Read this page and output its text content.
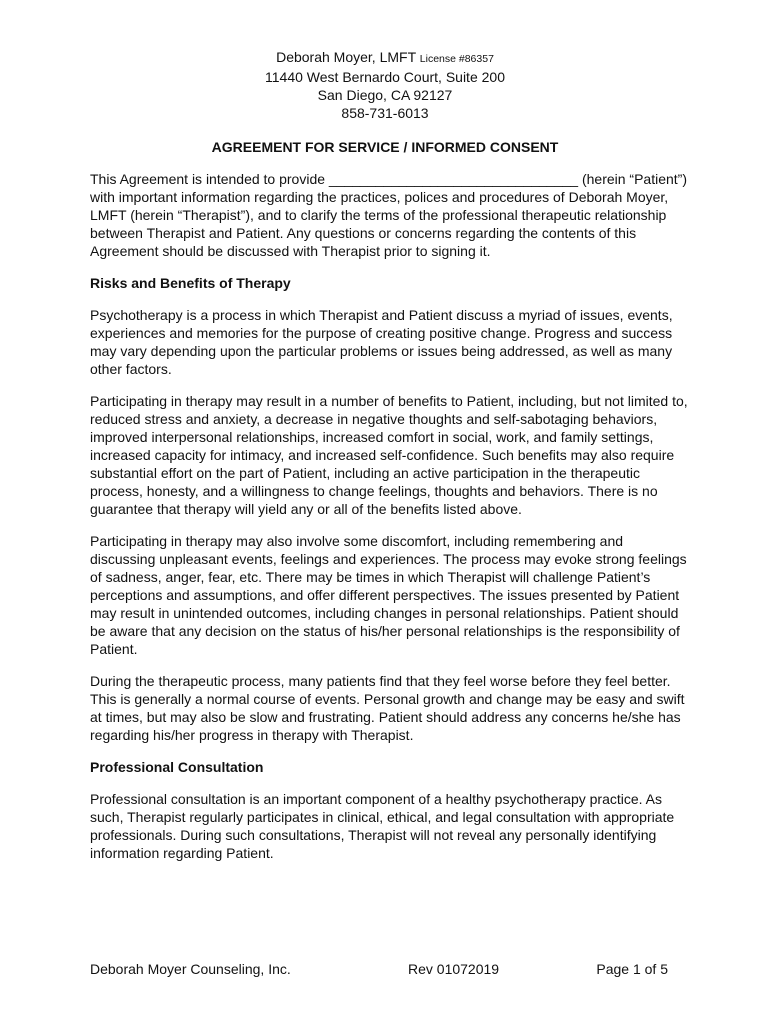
Deborah Moyer, LMFT License #86357
11440 West Bernardo Court, Suite 200
San Diego, CA 92127
858-731-6013
AGREEMENT FOR SERVICE / INFORMED CONSENT

This Agreement is intended to provide ________________________________ (herein “Patient”) with important information regarding the practices, polices and procedures of Deborah Moyer, LMFT (herein “Therapist”), and to clarify the terms of the professional therapeutic relationship between Therapist and Patient. Any questions or concerns regarding the contents of this Agreement should be discussed with Therapist prior to signing it.

Risks and Benefits of Therapy

Psychotherapy is a process in which Therapist and Patient discuss a myriad of issues, events, experiences and memories for the purpose of creating positive change. Progress and success may vary depending upon the particular problems or issues being addressed, as well as many other factors.

Participating in therapy may result in a number of benefits to Patient, including, but not limited to, reduced stress and anxiety, a decrease in negative thoughts and self-sabotaging behaviors, improved interpersonal relationships, increased comfort in social, work, and family settings, increased capacity for intimacy, and increased self-confidence. Such benefits may also require substantial effort on the part of Patient, including an active participation in the therapeutic process, honesty, and a willingness to change feelings, thoughts and behaviors. There is no guarantee that therapy will yield any or all of the benefits listed above.

Participating in therapy may also involve some discomfort, including remembering and discussing unpleasant events, feelings and experiences. The process may evoke strong feelings of sadness, anger, fear, etc. There may be times in which Therapist will challenge Patient’s perceptions and assumptions, and offer different perspectives. The issues presented by Patient may result in unintended outcomes, including changes in personal relationships. Patient should be aware that any decision on the status of his/her personal relationships is the responsibility of Patient.

During the therapeutic process, many patients find that they feel worse before they feel better. This is generally a normal course of events. Personal growth and change may be easy and swift at times, but may also be slow and frustrating. Patient should address any concerns he/she has regarding his/her progress in therapy with Therapist.

Professional Consultation

Professional consultation is an important component of a healthy psychotherapy practice. As such, Therapist regularly participates in clinical, ethical, and legal consultation with appropriate professionals. During such consultations, Therapist will not reveal any personally identifying information regarding Patient.

Deborah Moyer Counseling, Inc.	Rev 01072019	Page 1 of 5
